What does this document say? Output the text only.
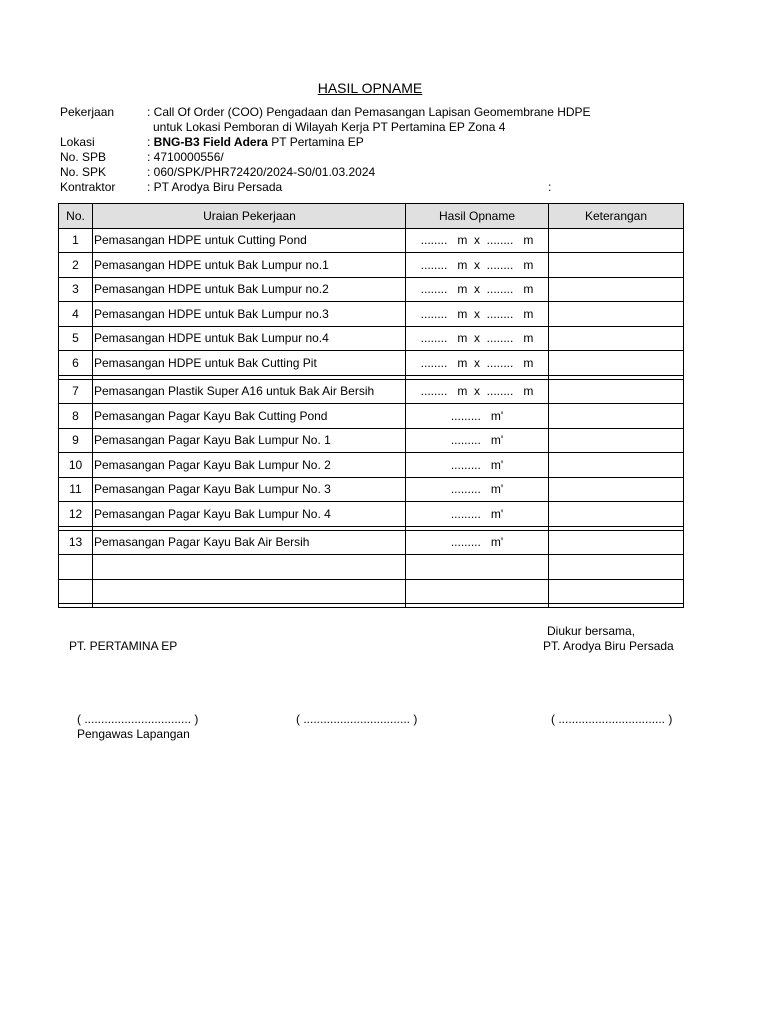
HASIL OPNAME
Pekerjaan	: Call Of Order (COO) Pengadaan dan Pemasangan Lapisan Geomembrane HDPE
untuk Lokasi Pemboran di Wilayah Kerja PT Pertamina EP Zona 4
Lokasi	: BNG-B3 Field Adera PT Pertamina EP
No. SPB	: 4710000556/
No. SPK	: 060/SPK/PHR72420/2024-S0/01.03.2024
Kontraktor	: PT Arodya Biru Persada	:
No.	Uraian Pekerjaan	Hasil Opname	Keterangan
1	Pemasangan HDPE untuk Cutting Pond	........   m  x  ........   m	
2	Pemasangan HDPE untuk Bak Lumpur no.1	........   m  x  ........   m	
3	Pemasangan HDPE untuk Bak Lumpur no.2	........   m  x  ........   m	
4	Pemasangan HDPE untuk Bak Lumpur no.3	........   m  x  ........   m	
5	Pemasangan HDPE untuk Bak Lumpur no.4	........   m  x  ........   m	
6	Pemasangan HDPE untuk Bak Cutting Pit	........   m  x  ........   m	

7	Pemasangan Plastik Super A16 untuk Bak Air Bersih	........   m  x  ........   m	
8	Pemasangan Pagar Kayu Bak Cutting Pond	.........   m'	
9	Pemasangan Pagar Kayu Bak Lumpur No. 1	.........   m'	
10	Pemasangan Pagar Kayu Bak Lumpur No. 2	.........   m'	
11	Pemasangan Pagar Kayu Bak Lumpur No. 3	.........   m'	
12	Pemasangan Pagar Kayu Bak Lumpur No. 4	.........   m'	

13	Pemasangan Pagar Kayu Bak Air Bersih	.........   m'	

Diukur bersama,
PT. PERTAMINA EP	PT. Arodya Biru Persada
( ................................ )	( ................................ )	( ................................ )
Pengawas Lapangan
